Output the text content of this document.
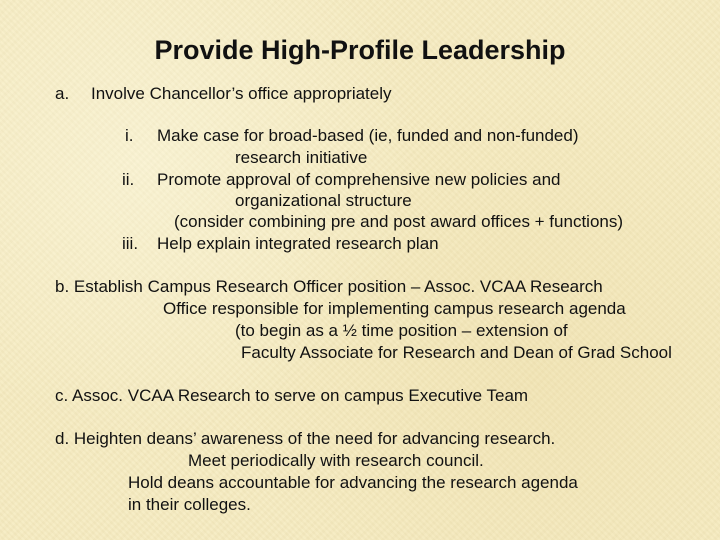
Provide High-Profile Leadership
a. Involve Chancellor’s office appropriately
i. Make case for broad-based (ie, funded and non-funded)
research initiative
ii. Promote approval of comprehensive new policies and
organizational structure
(consider combining pre and post award offices + functions)
iii. Help explain integrated research plan
b. Establish Campus Research Officer position – Assoc. VCAA Research
Office responsible for implementing campus research agenda
(to begin as a ½ time position – extension of
Faculty Associate for Research and Dean of Grad School
c. Assoc. VCAA Research to serve on campus Executive Team
d. Heighten deans’ awareness of the need for advancing research.
Meet periodically with research council.
Hold deans accountable for advancing the research agenda
in their colleges.
